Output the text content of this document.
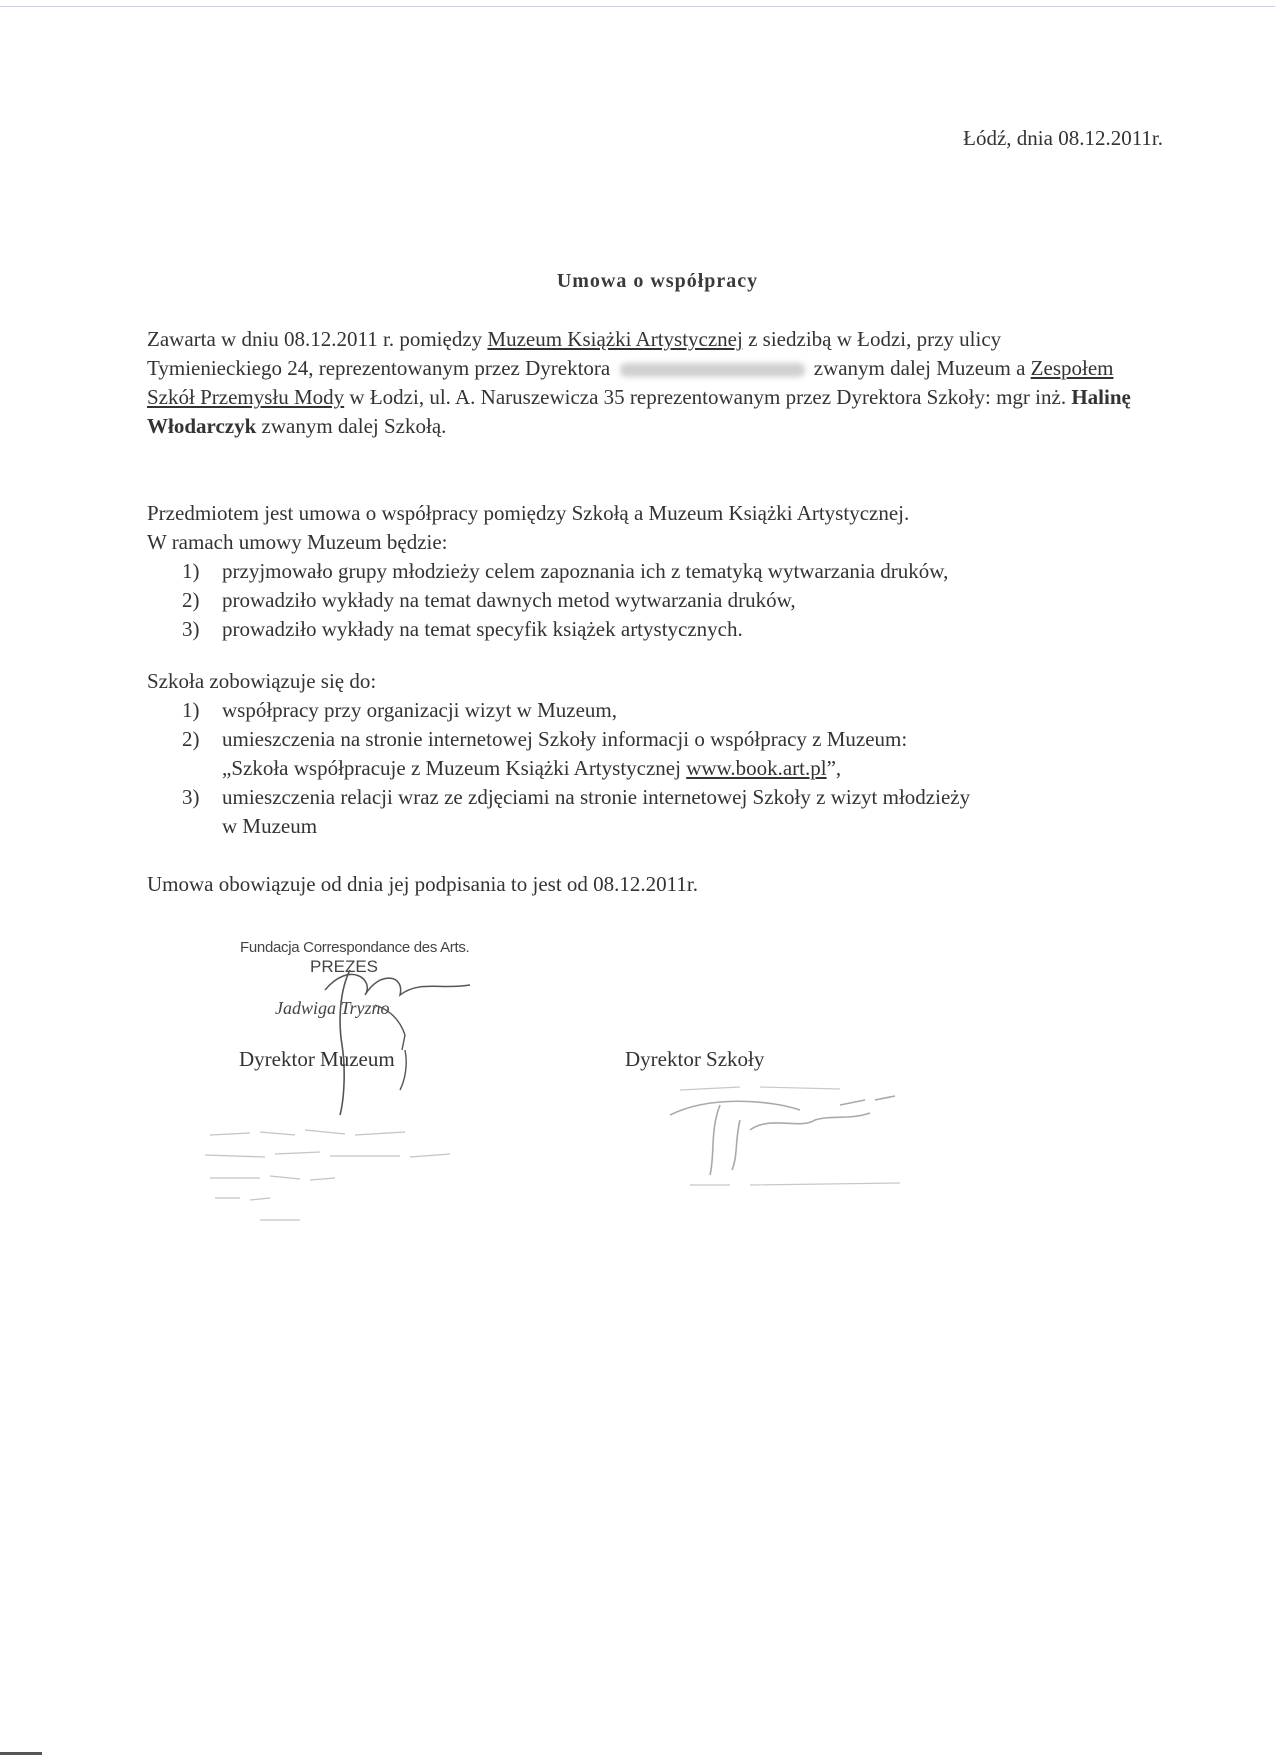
Łódź, dnia 08.12.2011r.
Umowa o współpracy
Zawarta w dniu 08.12.2011 r. pomiędzy Muzeum Książki Artystycznej z siedzibą w Łodzi, przy ulicy Tymienieckiego 24, reprezentowanym przez Dyrektora	zwanym dalej Muzeum a Zespołem Szkół Przemysłu Mody w Łodzi, ul. A. Naruszewicza 35 reprezentowanym przez Dyrektora Szkoły: mgr inż. Halinę Włodarczyk zwanym dalej Szkołą.
Przedmiotem jest umowa o współpracy pomiędzy Szkołą a Muzeum Książki Artystycznej.
W ramach umowy Muzeum będzie:
1) przyjmowało grupy młodzieży celem zapoznania ich z tematyką wytwarzania druków,
2) prowadziło wykłady na temat dawnych metod wytwarzania druków,
3) prowadziło wykłady na temat specyfik książek artystycznych.
Szkoła zobowiązuje się do:
1) współpracy przy organizacji wizyt w Muzeum,
2) umieszczenia na stronie internetowej Szkoły informacji o współpracy z Muzeum:
„Szkoła współpracuje z Muzeum Książki Artystycznej www.book.art.pl”,
3) umieszczenia relacji wraz ze zdjęciami na stronie internetowej Szkoły z wizyt młodzieży
w Muzeum
Umowa obowiązuje od dnia jej podpisania to jest od 08.12.2011r.
Fundacja Correspondance des Arts.
PREZES
Jadwiga Tryzno
Dyrektor Muzeum	Dyrektor Szkoły
